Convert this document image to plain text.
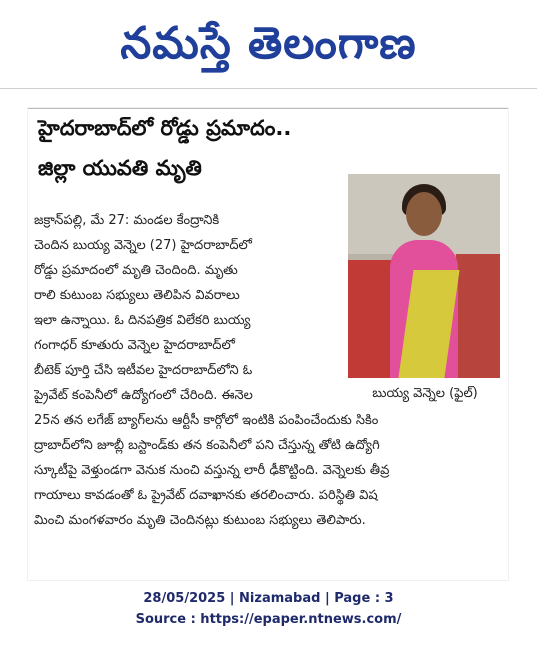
నమస్తే తెలంగాణ
హైదరాబాద్‌లో రోడ్డు ప్రమాదం..
జిల్లా యువతి మృతి

జక్రాన్‌పల్లి, మే 27: మండల కేంద్రానికి

చెందిన బుయ్య వెన్నెల (27) హైదరాబాద్‌లో

రోడ్డు ప్రమాదంలో మృతి చెందింది. మృతు

రాలి కుటుంబ సభ్యులు తెలిపిన వివరాలు

ఇలా ఉన్నాయి. ఓ దినపత్రిక విలేకరి బుయ్య

గంగాధర్ కూతురు వెన్నెల హైదరాబాద్‌లో

బీటెక్ పూర్తి చేసి ఇటీవల హైదరాబాద్‌లోని ఓ

ప్రైవేట్ కంపెనీలో ఉద్యోగంలో చేరింది. ఈనెల	బుయ్య వెన్నెల (ఫైల్)

25న తన లగేజ్ బ్యాగ్‌లను ఆర్టీసీ కార్గోలో ఇంటికి పంపించేందుకు సికిం

ద్రాబాద్‌లోని జూబ్లీ బస్టాండ్‌కు తన కంపెనీలో పని చేస్తున్న తోటి ఉద్యోగి

స్కూటీపై వెళ్తుండగా వెనుక నుంచి వస్తున్న లారీ ఢీకొట్టింది. వెన్నెలకు తీవ్ర

గాయాలు కావడంతో ఓ ప్రైవేట్ దవాఖానకు తరలించారు. పరిస్థితి విష

మించి మంగళవారం మృతి చెందినట్లు కుటుంబ సభ్యులు తెలిపారు.

28/05/2025 | Nizamabad | Page : 3
Source : https://epaper.ntnews.com/
